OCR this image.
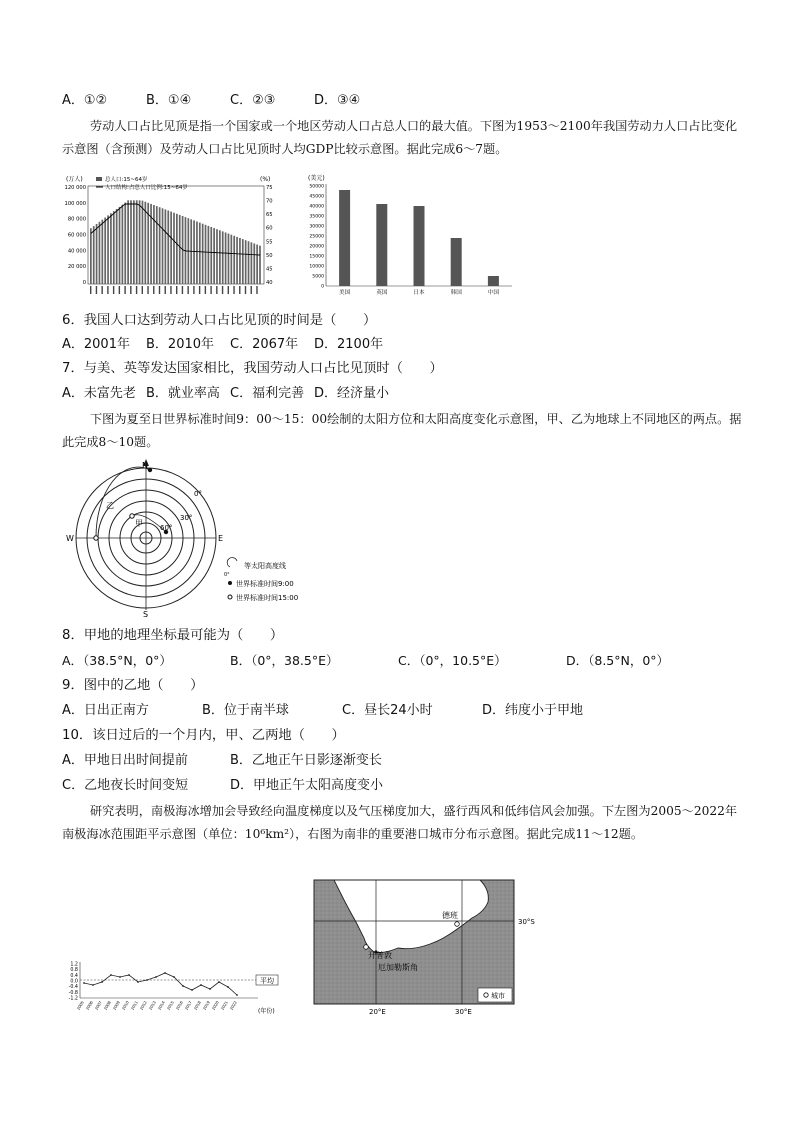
A．①②	B．①④	C．②③	D．③④
劳动人口占比见顶是指一个国家或一个地区劳动人口占总人口的最大值。下图为1953～2100年我国劳动力人口占比变化示意图（含预测）及劳动人口占比见顶时人均GDP比较示意图。据此完成6～7题。
(万人)	(%)
总人口:15~64岁
人口结构:占总人口比例:15~64岁
120 000
100 000
80 000
60 000
40 000
20 000
0
75
70
65
60
55
50
45
40
(美元)
50000
45000
40000
35000
30000
25000
20000
15000
10000
5000
0
美国	英国	日本	韩国	中国
6．我国人口达到劳动人口占比见顶的时间是（　　）
A．2001年 B．2010年 C．2067年 D．2100年
7．与美、英等发达国家相比，我国劳动人口占比见顶时（　　）
A．未富先老 B．就业率高 C．福利完善 D．经济量小
下图为夏至日世界标准时间9：00～15：00绘制的太阳方位和太阳高度变化示意图，甲、乙为地球上不同地区的两点。据此完成8～10题。
N
S
W	E
0°
30°
60°
甲
乙
0°
等太阳高度线
世界标准时间9:00
世界标准时间15:00
8．甲地的地理坐标最可能为（　　）
A．（38.5°N，0°）	B．（0°，38.5°E）	C．（0°，10.5°E）	D．（8.5°N，0°）
9．图中的乙地（　　）
A．日出正南方	B．位于南半球	C．昼长24小时	D．纬度小于甲地
10．该日过后的一个月内，甲、乙两地（　　）
A．甲地日出时间提前	B．乙地正午日影逐渐变长
C．乙地夜长时间变短	D．甲地正午太阳高度变小
研究表明，南极海冰增加会导致经向温度梯度以及气压梯度加大，盛行西风和低纬信风会加强。下左图为2005～2022年南极海冰范围距平示意图（单位：10⁶km²），右图为南非的重要港口城市分布示意图。据此完成11～12题。
1.2
0.8
0.4
0.0
-0.4
-0.8
-1.2
平均
2005 2006 2007 2008 2009 2010 2011 2012 2013 2014 2015 2016 2017 2018 2019 2020 2021 2022
(年份)
德班
开普敦
厄加勒斯角
30°S
20°E	30°E
城市
